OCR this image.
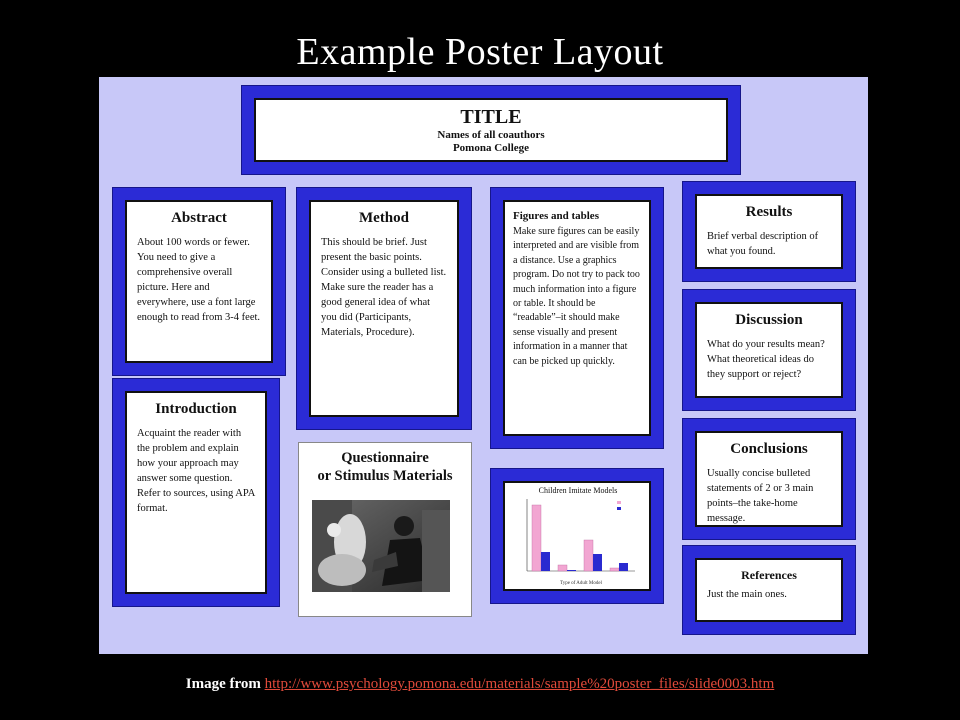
Example Poster Layout
TITLE
Names of all coauthors
Pomona College
Abstract

About 100 words or fewer. You need to give a comprehensive overall picture. Here and everywhere, use a font large enough to read from 3-4 feet.

Introduction

Acquaint the reader with the problem and explain how your approach may answer some question. Refer to sources, using APA format.

Method

This should be brief. Just present the basic points. Consider using a bulleted list. Make sure the reader has a good general idea of what you did (Participants, Materials, Procedure).

Questionnaire
or Stimulus Materials
Figures and tables

Make sure figures can be easily interpreted and are visible from a distance. Use a graphics program. Do not try to pack too much information into a figure or table. It should be “readable”–it should make sense visually and present information in a manner that can be picked up quickly.

Children Imitate Models
Type of Adult Model
Results

Brief verbal description of what you found.

Discussion

What do your results mean? What theoretical ideas do they support or reject?

Conclusions

Usually concise bulleted statements of 2 or 3 main points–the take-home message.

References

Just the main ones.

Image from http://www.psychology.pomona.edu/materials/sample%20poster_files/slide0003.htm
